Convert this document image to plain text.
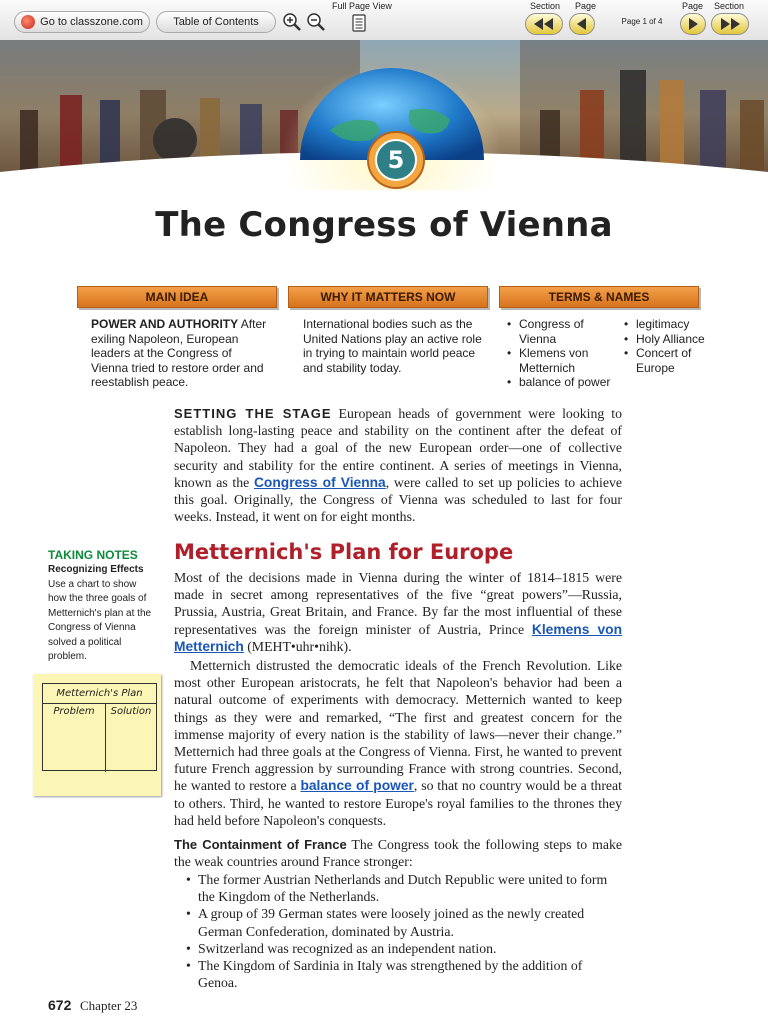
Go to classzone.com	Table of Contents
Full Page View	Section Page
Page 1 of 4
Page Section
5
The Congress of Vienna
MAIN IDEA	WHY IT MATTERS NOW	TERMS & NAMES
POWER AND AUTHORITY After exiling Napoleon, European leaders at the Congress of Vienna tried to restore order and reestablish peace.
International bodies such as the United Nations play an active role in trying to maintain world peace and stability today.
• Congress of Vienna
• Klemens von Metternich
• balance of power
• legitimacy
• Holy Alliance
• Concert of Europe
SETTING THE STAGE European heads of government were looking to establish long-lasting peace and stability on the continent after the defeat of Napoleon. They had a goal of the new European order—one of collective security and stability for the entire continent. A series of meetings in Vienna, known as the Congress of Vienna, were called to set up policies to achieve this goal. Originally, the Congress of Vienna was scheduled to last for four weeks. Instead, it went on for eight months.
TAKING NOTES
Recognizing Effects
Use a chart to show how the three goals of Metternich's plan at the Congress of Vienna solved a political problem.
Metternich's Plan
Problem	Solution
Metternich's Plan for Europe
Most of the decisions made in Vienna during the winter of 1814–1815 were made in secret among representatives of the five “great powers”—Russia, Prussia, Austria, Great Britain, and France. By far the most influential of these representatives was the foreign minister of Austria, Prince Klemens von Metternich (MEHT•uhr•nihk).
Metternich distrusted the democratic ideals of the French Revolution. Like most other European aristocrats, he felt that Napoleon's behavior had been a natural outcome of experiments with democracy. Metternich wanted to keep things as they were and remarked, “The first and greatest concern for the immense majority of every nation is the stability of laws—never their change.” Metternich had three goals at the Congress of Vienna. First, he wanted to prevent future French aggression by surrounding France with strong countries. Second, he wanted to restore a balance of power, so that no country would be a threat to others. Third, he wanted to restore Europe's royal families to the thrones they had held before Napoleon's conquests.
The Containment of France The Congress took the following steps to make the weak countries around France stronger:
• The former Austrian Netherlands and Dutch Republic were united to form the Kingdom of the Netherlands.
• A group of 39 German states were loosely joined as the newly created German Confederation, dominated by Austria.
• Switzerland was recognized as an independent nation.
• The Kingdom of Sardinia in Italy was strengthened by the addition of Genoa.
672 Chapter 23
